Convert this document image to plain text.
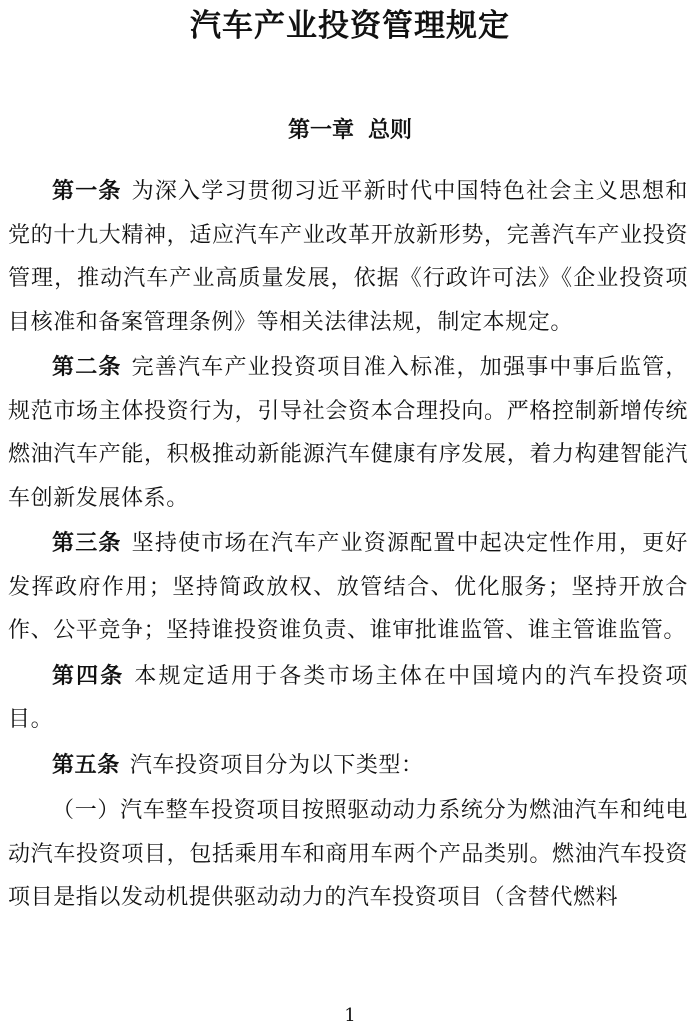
汽车产业投资管理规定
第一章 总则

第一条 为深入学习贯彻习近平新时代中国特色社会主义思想和党的十九大精神，适应汽车产业改革开放新形势，完善汽车产业投资管理，推动汽车产业高质量发展，依据《行政许可法》《企业投资项目核准和备案管理条例》等相关法律法规，制定本规定。

第二条 完善汽车产业投资项目准入标准，加强事中事后监管，规范市场主体投资行为，引导社会资本合理投向。严格控制新增传统燃油汽车产能，积极推动新能源汽车健康有序发展，着力构建智能汽车创新发展体系。

第三条 坚持使市场在汽车产业资源配置中起决定性作用，更好发挥政府作用；坚持简政放权、放管结合、优化服务；坚持开放合作、公平竞争；坚持谁投资谁负责、谁审批谁监管、谁主管谁监管。

第四条 本规定适用于各类市场主体在中国境内的汽车投资项目。

第五条 汽车投资项目分为以下类型：

（一）汽车整车投资项目按照驱动动力系统分为燃油汽车和纯电动汽车投资项目，包括乘用车和商用车两个产品类别。燃油汽车投资项目是指以发动机提供驱动动力的汽车投资项目（含替代燃料

1
